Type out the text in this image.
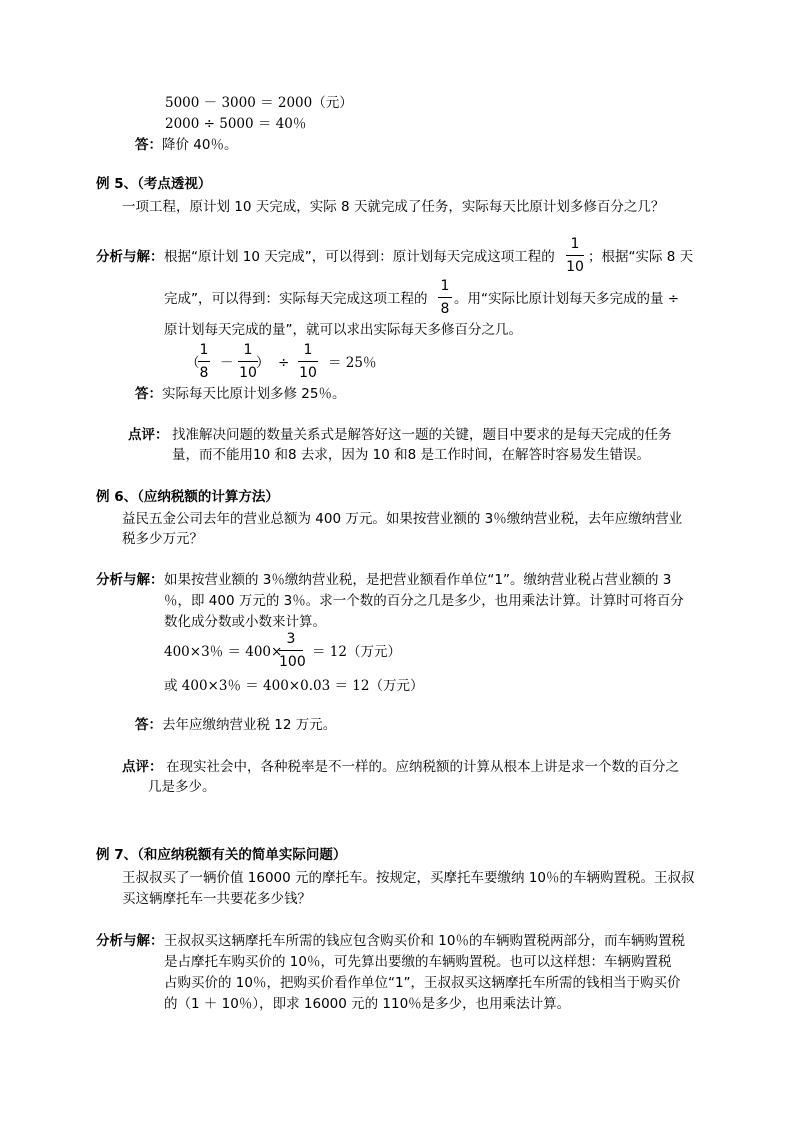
5000 － 3000 ＝ 2000（元）
2000 ÷ 5000 ＝ 40％
答：降价 40％。
例 5、（考点透视）
一项工程，原计划 10 天完成，实际 8 天就完成了任务，实际每天比原计划多修百分之几？
分析与解： 根据“原计划 10 天完成”，可以得到：原计划每天完成这项工程的
1
10
；根据“实际 8 天
完成”，可以得到：实际每天完成这项工程的
1
8
。用“实际比原计划每天多完成的量 ÷
原计划每天完成的量”，就可以求出实际每天多修百分之几。
（
1
8
－
1
10
） ÷
1
10
＝ 25％
答：实际每天比原计划多修 25％。
点评： 找准解决问题的数量关系式是解答好这一题的关键，题目中要求的是每天完成的任务
量，而不能用10 和8 去求，因为 10 和8 是工作时间，在解答时容易发生错误。
例 6、（应纳税额的计算方法）
益民五金公司去年的营业总额为 400 万元。如果按营业额的 3％缴纳营业税，去年应缴纳营业
税多少万元？
分析与解： 如果按营业额的 3％缴纳营业税，是把营业额看作单位“1”。缴纳营业税占营业额的 3
％，即 400 万元的 3％。求一个数的百分之几是多少，也用乘法计算。计算时可将百分
数化成分数或小数来计算。
400×3％ ＝ 400×
3
100
＝ 12（万元）
或 400×3％ ＝ 400×0.03 ＝ 12（万元）
答：去年应缴纳营业税 12 万元。
点评： 在现实社会中，各种税率是不一样的。应纳税额的计算从根本上讲是求一个数的百分之
几是多少。
例 7、（和应纳税额有关的简单实际问题）
王叔叔买了一辆价值 16000 元的摩托车。按规定，买摩托车要缴纳 10％的车辆购置税。王叔叔
买这辆摩托车一共要花多少钱？
分析与解： 王叔叔买这辆摩托车所需的钱应包含购买价和 10％的车辆购置税两部分，而车辆购置税
是占摩托车购买价的 10％，可先算出要缴的车辆购置税。也可以这样想：车辆购置税
占购买价的 10％，把购买价看作单位“1”，王叔叔买这辆摩托车所需的钱相当于购买价
的（1 ＋ 10％），即求 16000 元的 110％是多少，也用乘法计算。
